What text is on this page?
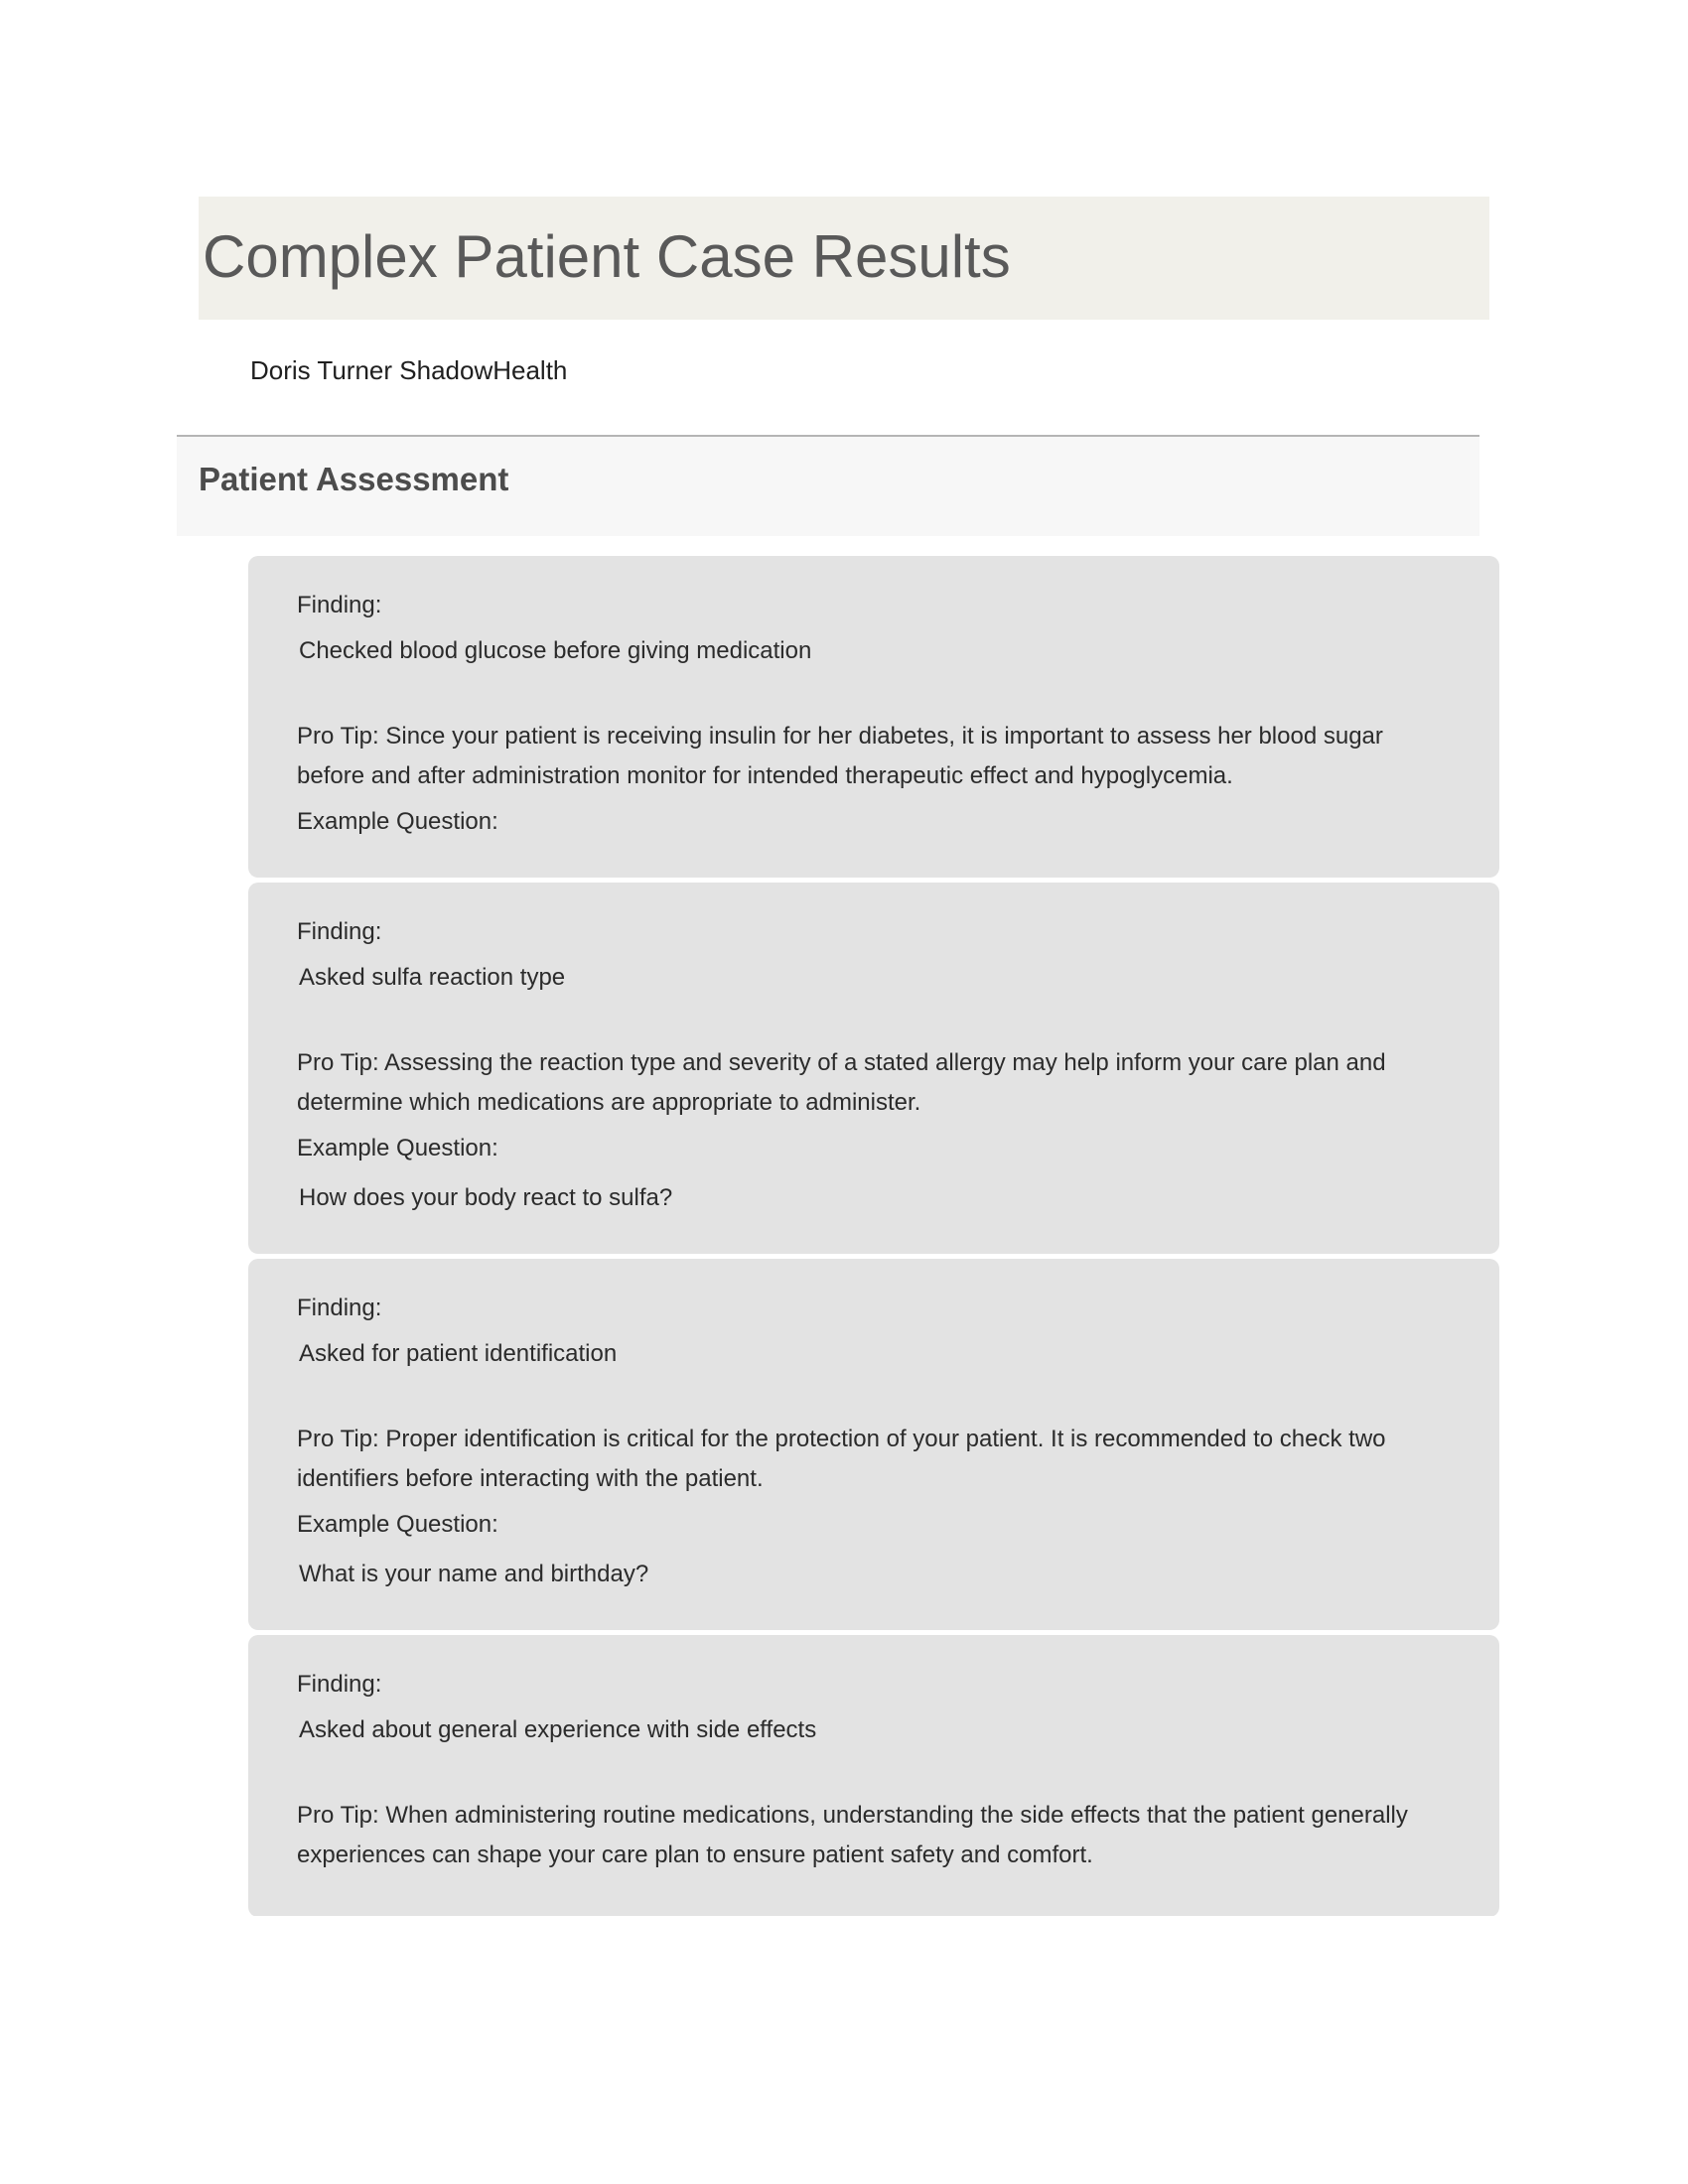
Complex Patient Case Results
Doris Turner ShadowHealth
Patient Assessment
Finding:
Checked blood glucose before giving medication

Pro Tip: Since your patient is receiving insulin for her diabetes, it is important to assess her blood sugar before and after administration monitor for intended therapeutic effect and hypoglycemia.

Example Question:
Finding:
Asked sulfa reaction type

Pro Tip: Assessing the reaction type and severity of a stated allergy may help inform your care plan and determine which medications are appropriate to administer.

Example Question:
How does your body react to sulfa?
Finding:
Asked for patient identification

Pro Tip: Proper identification is critical for the protection of your patient. It is recommended to check two identifiers before interacting with the patient.

Example Question:
What is your name and birthday?
Finding:
Asked about general experience with side effects

Pro Tip: When administering routine medications, understanding the side effects that the patient generally experiences can shape your care plan to ensure patient safety and comfort.
